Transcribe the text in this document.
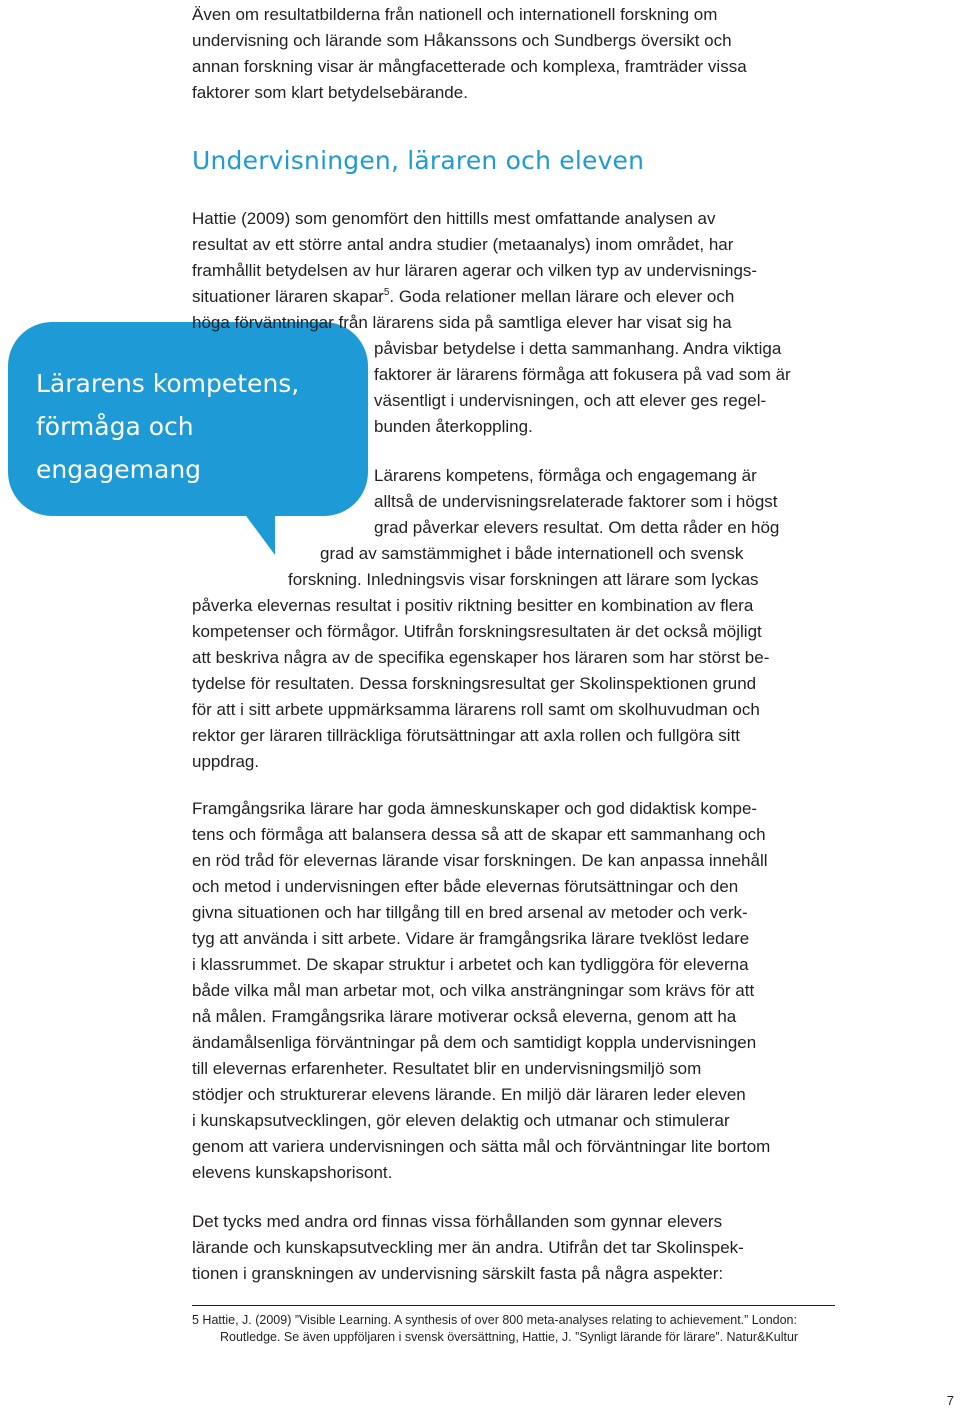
Även om resultatbilderna från nationell och internationell forskning om

undervisning och lärande som Håkanssons och Sundbergs översikt och

annan forskning visar är mångfacetterade och komplexa, framträder vissa

faktorer som klart betydelsebärande.

Undervisningen, läraren och eleven

Lärarens kompetens,
förmåga och
engagemang

Hattie (2009) som genomfört den hittills mest omfattande analysen av

resultat av ett större antal andra studier (metaanalys) inom området, har

framhållit betydelsen av hur läraren agerar och vilken typ av undervisnings-

situationer läraren skapar$^5$. Goda relationer mellan lärare och elever och

höga förväntningar från lärarens sida på samtliga elever har visat sig ha

påvisbar betydelse i detta sammanhang. Andra viktiga

faktorer är lärarens förmåga att fokusera på vad som är

väsentligt i undervisningen, och att elever ges regel-

bunden återkoppling.

Lärarens kompetens, förmåga och engagemang är

alltså de undervisningsrelaterade faktorer som i högst

grad påverkar elevers resultat. Om detta råder en hög

grad av samstämmighet i både internationell och svensk

forskning. Inledningsvis visar forskningen att lärare som lyckas

påverka elevernas resultat i positiv riktning besitter en kombination av flera

kompetenser och förmågor. Utifrån forskningsresultaten är det också möjligt

att beskriva några av de specifika egenskaper hos läraren som har störst be-

tydelse för resultaten. Dessa forskningsresultat ger Skolinspektionen grund

för att i sitt arbete uppmärksamma lärarens roll samt om skolhuvudman och

rektor ger läraren tillräckliga förutsättningar att axla rollen och fullgöra sitt

uppdrag.

Framgångsrika lärare har goda ämneskunskaper och god didaktisk kompe-

tens och förmåga att balansera dessa så att de skapar ett sammanhang och

en röd tråd för elevernas lärande visar forskningen. De kan anpassa innehåll

och metod i undervisningen efter både elevernas förutsättningar och den

givna situationen och har tillgång till en bred arsenal av metoder och verk-

tyg att använda i sitt arbete. Vidare är framgångsrika lärare tveklöst ledare

i klassrummet. De skapar struktur i arbetet och kan tydliggöra för eleverna

både vilka mål man arbetar mot, och vilka ansträngningar som krävs för att

nå målen. Framgångsrika lärare motiverar också eleverna, genom att ha

ändamålsenliga förväntningar på dem och samtidigt koppla undervisningen

till elevernas erfarenheter. Resultatet blir en undervisningsmiljö som

stödjer och strukturerar elevens lärande. En miljö där läraren leder eleven

i kunskapsutvecklingen, gör eleven delaktig och utmanar och stimulerar

genom att variera undervisningen och sätta mål och förväntningar lite bortom

elevens kunskapshorisont.

Det tycks med andra ord finnas vissa förhållanden som gynnar elevers

lärande och kunskapsutveckling mer än andra. Utifrån det tar Skolinspek-

tionen i granskningen av undervisning särskilt fasta på några aspekter:

5 Hattie, J. (2009) ”Visible Learning. A synthesis of over 800 meta-analyses relating to achievement.” London:

Routledge. Se även uppföljaren i svensk översättning, Hattie, J. ”Synligt lärande för lärare”. Natur&Kultur

7
